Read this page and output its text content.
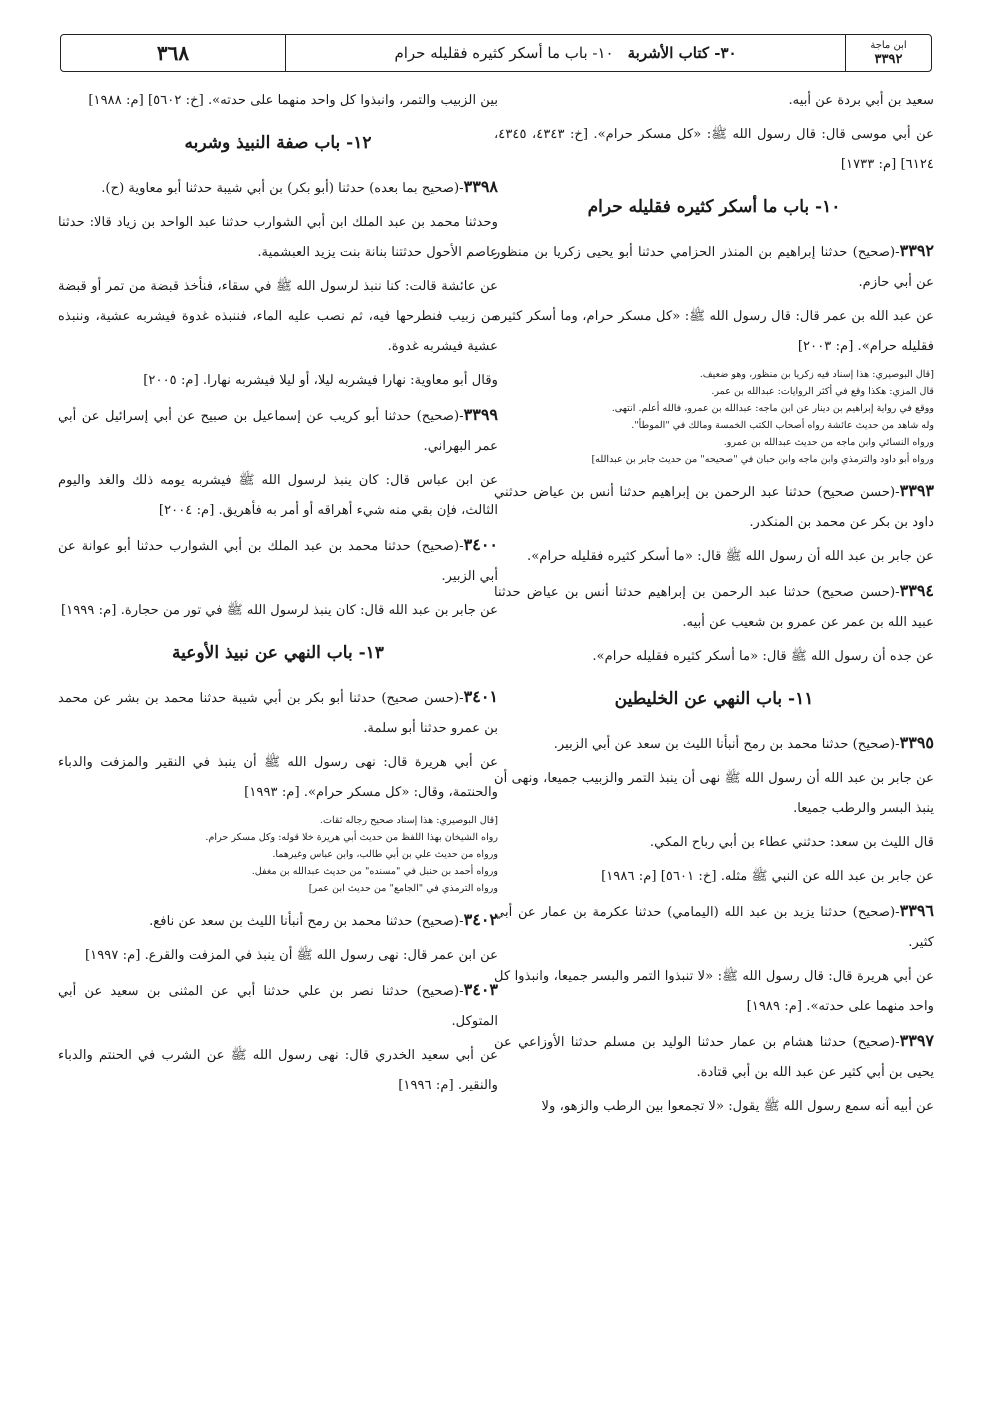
٣٦٨	٣٠- كتاب الأشربة
١٠- باب ما أسكر كثيره فقليله حرام	ابن ماجة
٣٣٩٢

سعيد بن أبي بردة عن أبيه.

عن أبي موسى قال: قال رسول الله ﷺ: «كل مسكر حرام». [خ: ٤٣٤٣، ٤٣٤٥، ٦١٢٤] [م: ١٧٣٣]

١٠- باب ما أسكر كثيره فقليله حرام

٣٣٩٢-(صحيح) حدثنا إبراهيم بن المنذر الحزامي حدثنا أبو يحيى زكريا بن منظور عن أبي حازم.

عن عبد الله بن عمر قال: قال رسول الله ﷺ: «كل مسكر حرام، وما أسكر كثيره فقليله حرام». [م: ٢٠٠٣]

[قال البوصيري: هذا إسناد فيه زكريا بن منظور، وهو ضعيف.
قال المزي: هكذا وقع في أكثر الروايات: عبدالله بن عمر.
ووقع في رواية إبراهيم بن دينار عن ابن ماجه: عبدالله بن عمرو، فالله أعلم. انتهى.
وله شاهد من حديث عائشة رواه أصحاب الكتب الخمسة ومالك في "الموطأ".
ورواه النسائي وابن ماجه من حديث عبدالله بن عمرو.
ورواه أبو داود والترمذي وابن ماجه وابن حبان في "صحيحه" من حديث جابر بن عبدالله]

٣٣٩٣-(حسن صحيح) حدثنا عبد الرحمن بن إبراهيم حدثنا أنس بن عياض حدثني داود بن بكر عن محمد بن المنكدر.

عن جابر بن عبد الله أن رسول الله ﷺ قال: «ما أسكر كثيره فقليله حرام».

٣٣٩٤-(حسن صحيح) حدثنا عبد الرحمن بن إبراهيم حدثنا أنس بن عياض حدثنا عبيد الله بن عمر عن عمرو بن شعيب عن أبيه.

عن جده أن رسول الله ﷺ قال: «ما أسكر كثيره فقليله حرام».

١١- باب النهي عن الخليطين

٣٣٩٥-(صحيح) حدثنا محمد بن رمح أنبأنا الليث بن سعد عن أبي الزبير.

عن جابر بن عبد الله أن رسول الله ﷺ نهى أن ينبذ التمر والزبيب جميعا، ونهى أن ينبذ البسر والرطب جميعا.

قال الليث بن سعد: حدثني عطاء بن أبي رباح المكي.

عن جابر بن عبد الله عن النبي ﷺ مثله. [خ: ٥٦٠١] [م: ١٩٨٦]

٣٣٩٦-(صحيح) حدثنا يزيد بن عبد الله (اليمامي) حدثنا عكرمة بن عمار عن أبي كثير.

عن أبي هريرة قال: قال رسول الله ﷺ: «لا تنبذوا التمر والبسر جميعا، وانبذوا كل واحد منهما على حدته». [م: ١٩٨٩]

٣٣٩٧-(صحيح) حدثنا هشام بن عمار حدثنا الوليد بن مسلم حدثنا الأوزاعي عن يحيى بن أبي كثير عن عبد الله بن أبي قتادة.

عن أبيه أنه سمع رسول الله ﷺ يقول: «لا تجمعوا بين الرطب والزهو، ولا

بين الزبيب والتمر، وانبذوا كل واحد منهما على حدته». [خ: ٥٦٠٢] [م: ١٩٨٨]

١٢- باب صفة النبيذ وشربه

٣٣٩٨-(صحيح بما بعده) حدثنا (أبو بكر) بن أبي شيبة حدثنا أبو معاوية (ح).

وحدثنا محمد بن عبد الملك ابن أبي الشوارب حدثنا عبد الواحد بن زياد قالا: حدثنا عاصم الأحول حدثتنا بنانة بنت يزيد العبشمية.

عن عائشة قالت: كنا ننبذ لرسول الله ﷺ في سقاء، فنأخذ قبضة من تمر أو قبضة من زبيب فنطرحها فيه، ثم نصب عليه الماء، فننبذه غدوة فيشربه عشية، وننبذه عشية فيشربه غدوة.

وقال أبو معاوية: نهارا فيشربه ليلا، أو ليلا فيشربه نهارا. [م: ٢٠٠٥]

٣٣٩٩-(صحيح) حدثنا أبو كريب عن إسماعيل بن صبيح عن أبي إسرائيل عن أبي عمر البهراني.

عن ابن عباس قال: كان ينبذ لرسول الله ﷺ فيشربه يومه ذلك والغد واليوم الثالث، فإن بقي منه شيء أهراقه أو أمر به فأهريق. [م: ٢٠٠٤]

٣٤٠٠-(صحيح) حدثنا محمد بن عبد الملك بن أبي الشوارب حدثنا أبو عوانة عن أبي الزبير.

عن جابر بن عبد الله قال: كان ينبذ لرسول الله ﷺ في تور من حجارة. [م: ١٩٩٩]

١٣- باب النهي عن نبيذ الأوعية

٣٤٠١-(حسن صحيح) حدثنا أبو بكر بن أبي شيبة حدثنا محمد بن بشر عن محمد بن عمرو حدثنا أبو سلمة.

عن أبي هريرة قال: نهى رسول الله ﷺ أن ينبذ في النقير والمزفت والدباء والحنتمة، وقال: «كل مسكر حرام». [م: ١٩٩٣]

[قال البوصيري: هذا إسناد صحيح رجاله ثقات.
رواه الشيخان بهذا اللفظ من حديث أبي هريرة خلا قوله: وكل مسكر حرام.
ورواه من حديث علي بن أبي طالب، وابن عباس وغيرهما.
ورواه أحمد بن حنبل في "مسنده" من حديث عبدالله بن مغفل.
ورواه الترمذي في "الجامع" من حديث ابن عمر]

٣٤٠٢-(صحيح) حدثنا محمد بن رمح أنبأنا الليث بن سعد عن نافع.

عن ابن عمر قال: نهى رسول الله ﷺ أن ينبذ في المزفت والقرع. [م: ١٩٩٧]

٣٤٠٣-(صحيح) حدثنا نصر بن علي حدثنا أبي عن المثنى بن سعيد عن أبي المتوكل.

عن أبي سعيد الخدري قال: نهى رسول الله ﷺ عن الشرب في الحنتم والدباء والنقير. [م: ١٩٩٦]
